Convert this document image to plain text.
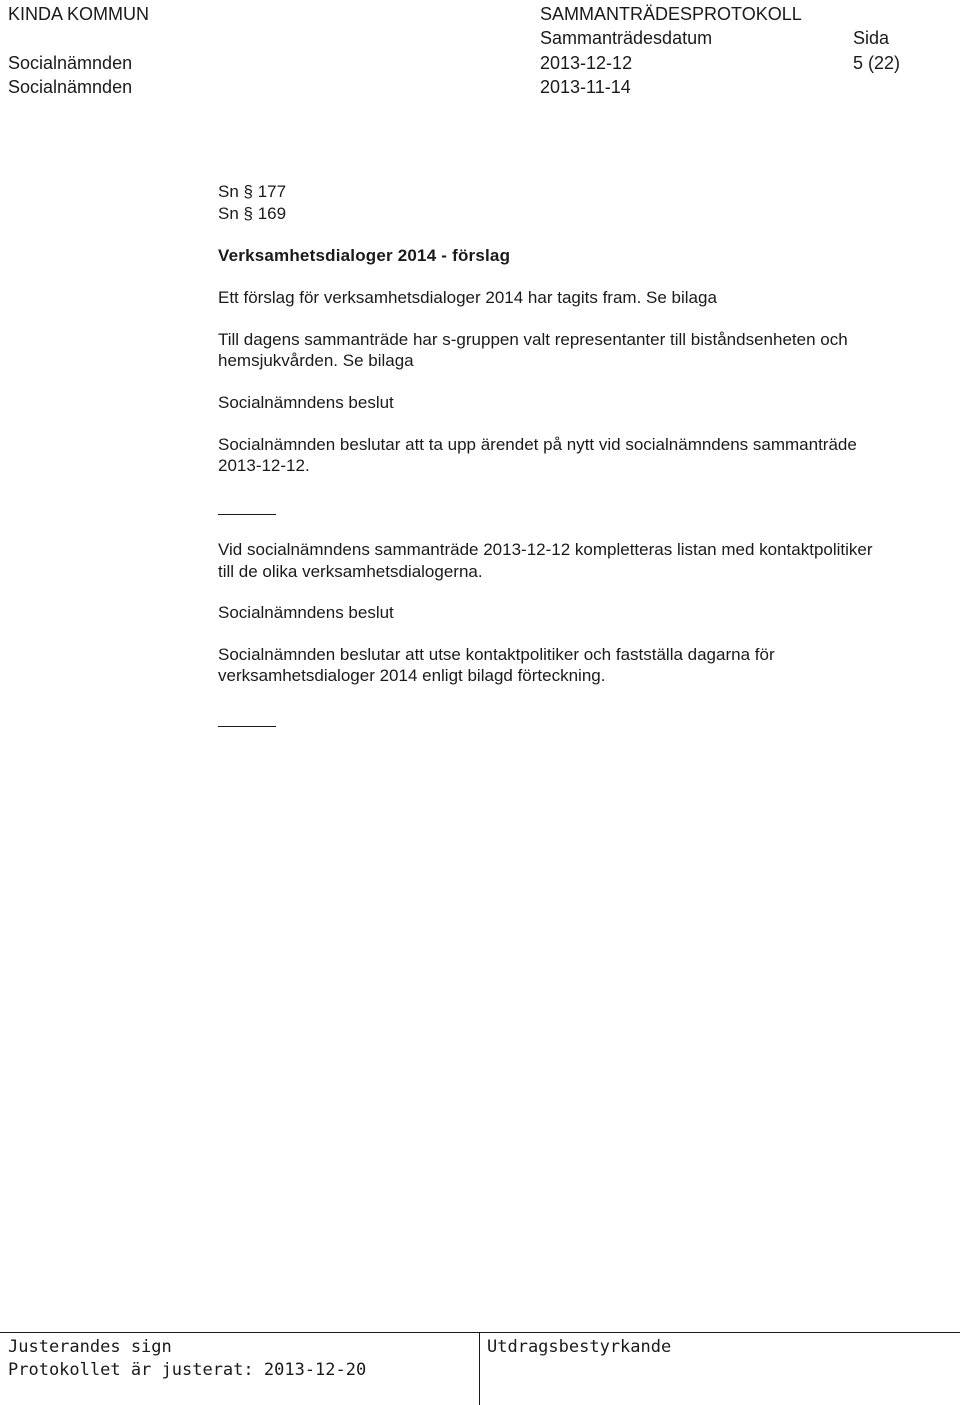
KINDA KOMMUN	SAMMANTRÄDESPROTOKOLL
Sammanträdesdatum	Sida
Socialnämnden	2013-12-12	5 (22)
Socialnämnden	2013-11-14
Sn § 177
Sn § 169
Verksamhetsdialoger 2014 - förslag
Ett förslag för verksamhetsdialoger 2014 har tagits fram. Se bilaga
Till dagens sammanträde har s-gruppen valt representanter till biståndsenheten och
hemsjukvården. Se bilaga
Socialnämndens beslut
Socialnämnden beslutar att ta upp ärendet på nytt vid socialnämndens sammanträde
2013-12-12.
Vid socialnämndens sammanträde 2013-12-12 kompletteras listan med kontaktpolitiker
till de olika verksamhetsdialogerna.
Socialnämndens beslut
Socialnämnden beslutar att utse kontaktpolitiker och fastställa dagarna för
verksamhetsdialoger 2014 enligt bilagd förteckning.
Justerandes sign
Protokollet är justerat: 2013-12-20
Utdragsbestyrkande
